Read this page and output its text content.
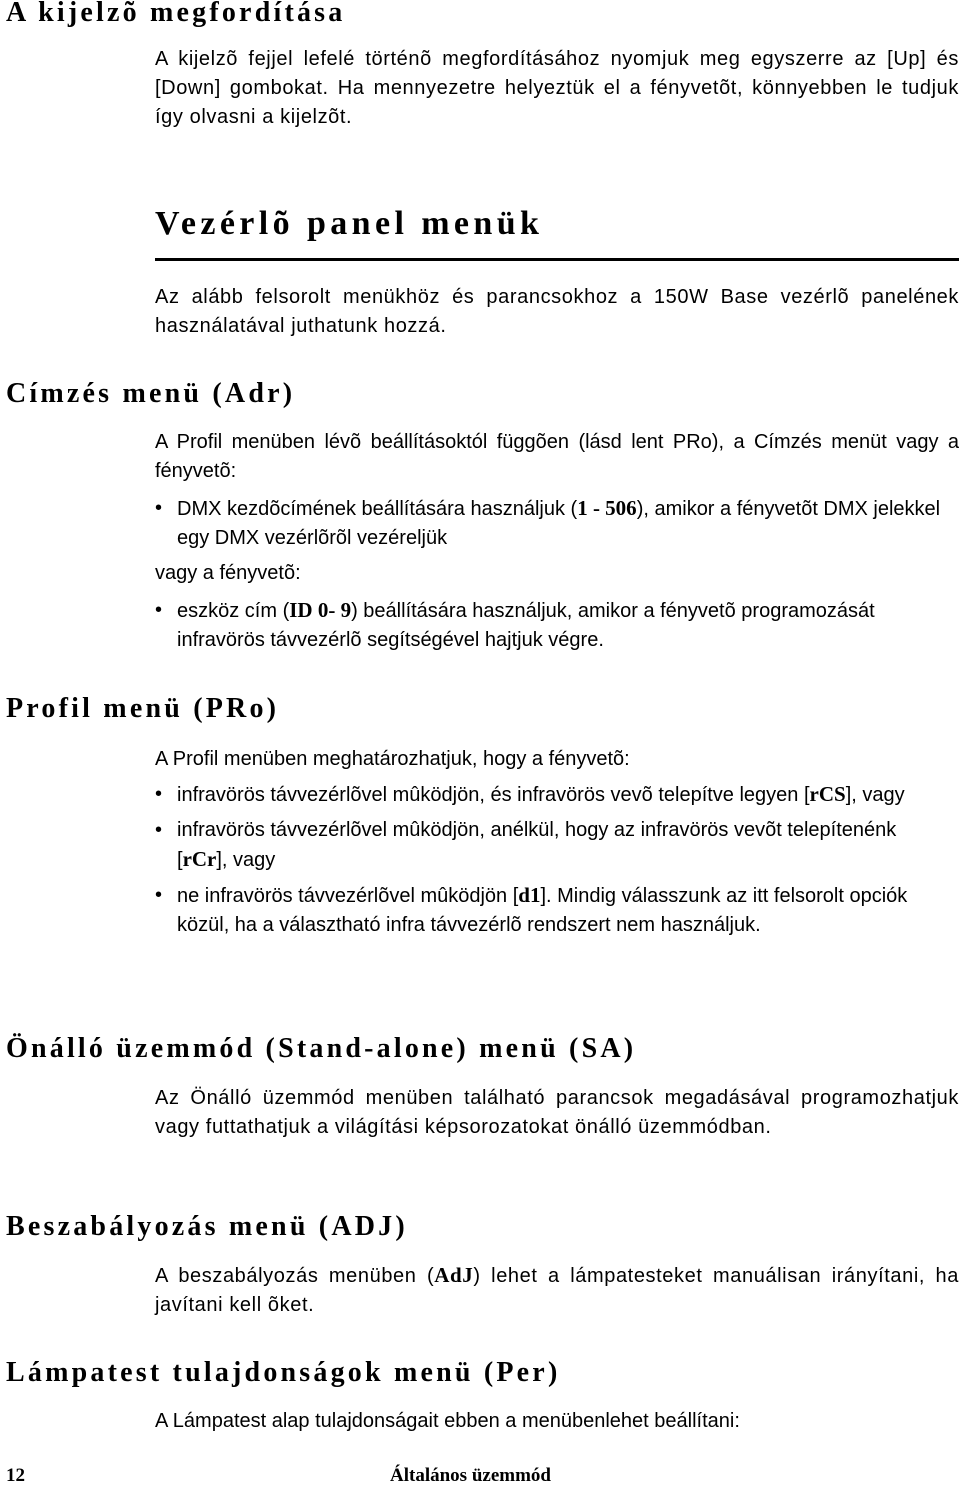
A kijelzõ megfordítása

A kijelzõ fejjel lefelé történõ megfordításához nyomjuk meg egyszerre az [Up] és [Down] gombokat. Ha mennyezetre helyeztük el a fényvetõt, könnyebben le tudjuk így olvasni a kijelzõt.

Vezérlõ panel menük

Az alább felsorolt menükhöz és parancsokhoz a 150W Base vezérlõ panelének használatával juthatunk hozzá.

Címzés menü (Adr)

A Profil menüben lévõ beállításoktól függõen (lásd lent PRo), a Címzés menüt vagy a fényvetõ:

• DMX kezdõcímének beállítására használjuk (1 - 506), amikor a fényvetõt DMX jelekkel egy DMX vezérlõrõl vezéreljük

vagy a fényvetõ:

• eszköz cím (ID 0- 9) beállítására használjuk, amikor a fényvetõ programozását infravörös távvezérlõ segítségével hajtjuk végre.
Profil menü (PRo)

A Profil menüben meghatározhatjuk, hogy a fényvetõ:

• infravörös távvezérlõvel mûködjön, és infravörös vevõ telepítve legyen [rCS], vagy
• infravörös távvezérlõvel mûködjön, anélkül, hogy az infravörös vevõt telepítenénk [rCr], vagy
• ne infravörös távvezérlõvel mûködjön [d1]. Mindig válasszunk az itt felsorolt opciók közül, ha a választható infra távvezérlõ rendszert nem használjuk.
Önálló üzemmód (Stand-alone) menü (SA)

Az Önálló üzemmód menüben található parancsok megadásával programozhatjuk vagy futtathatjuk a világítási képsorozatokat önálló üzemmódban.

Beszabályozás menü (ADJ)

A beszabályozás menüben (AdJ) lehet a lámpatesteket manuálisan irányítani, ha javítani kell õket.

Lámpatest tulajdonságok menü (Per)

A Lámpatest alap tulajdonságait ebben a menübenlehet beállítani:

12	Általános üzemmód
